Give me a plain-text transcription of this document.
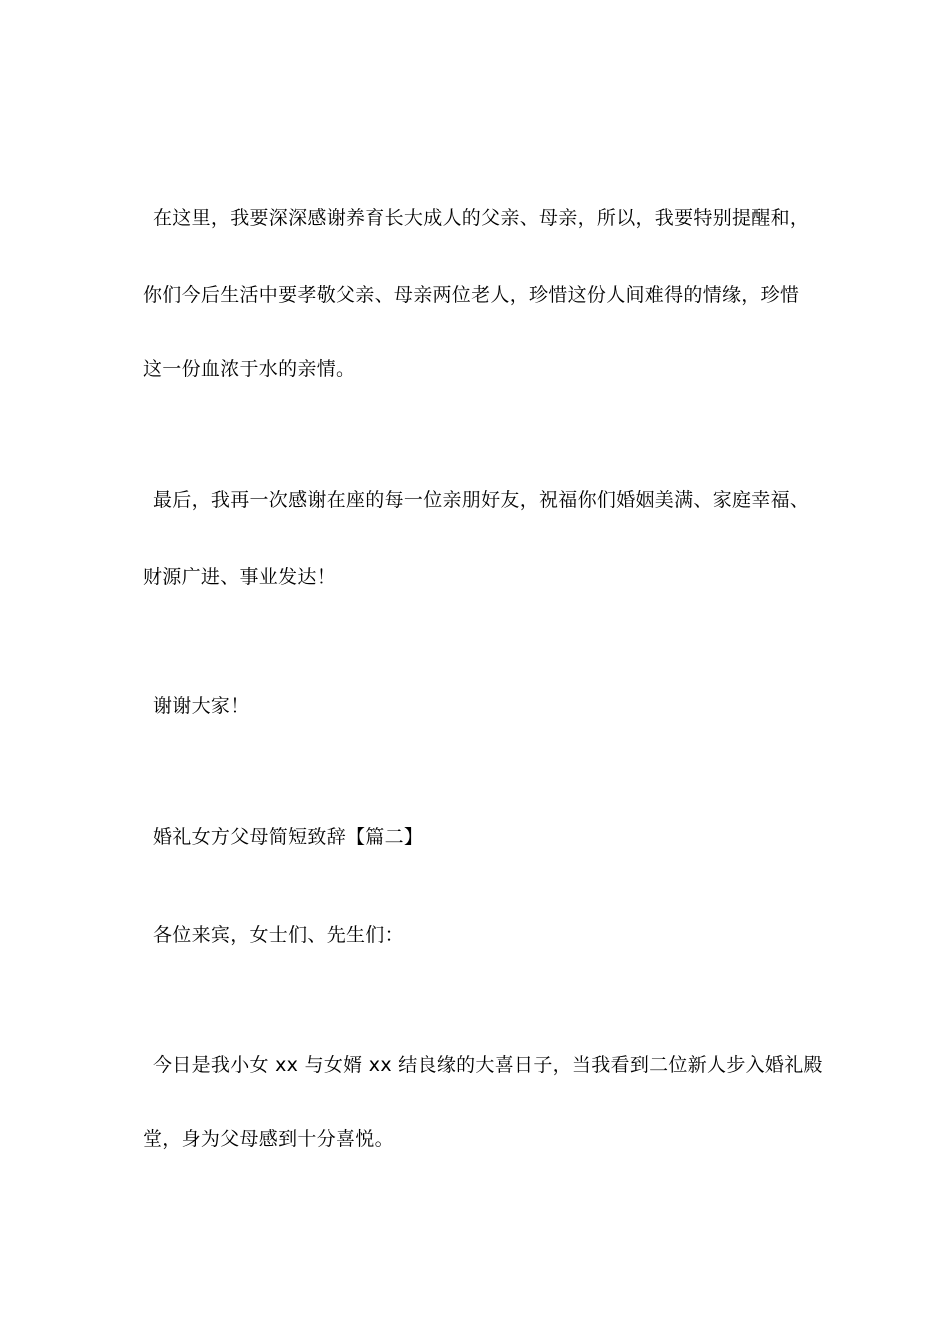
在这里，我要深深感谢养育长大成人的父亲、母亲，所以，我要特别提醒和，

你们今后生活中要孝敬父亲、母亲两位老人，珍惜这份人间难得的情缘，珍惜

这一份血浓于水的亲情。

最后，我再一次感谢在座的每一位亲朋好友，祝福你们婚姻美满、家庭幸福、

财源广进、事业发达！

谢谢大家！

婚礼女方父母简短致辞【篇二】

各位来宾，女士们、先生们：

今日是我小女 xx 与女婿 xx 结良缘的大喜日子，当我看到二位新人步入婚礼殿

堂，身为父母感到十分喜悦。
